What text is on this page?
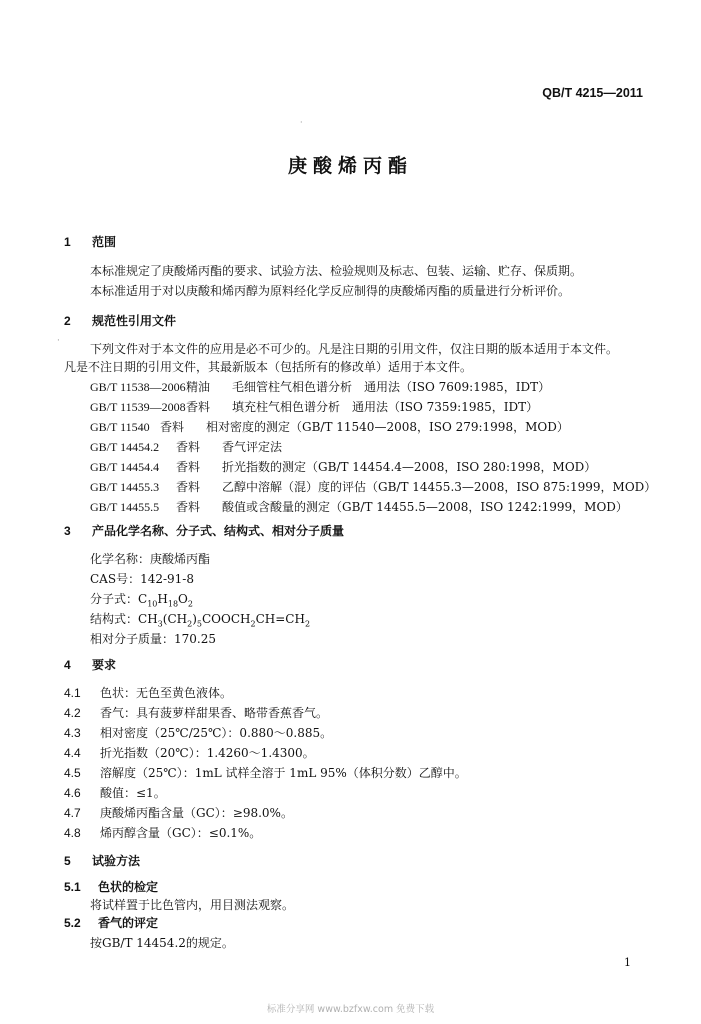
QB/T 4215—2011
·
庚酸烯丙酯
1 范围
本标准规定了庚酸烯丙酯的要求、试验方法、检验规则及标志、包装、运输、贮存、保质期。
本标准适用于对以庚酸和烯丙醇为原料经化学反应制得的庚酸烯丙酯的质量进行分析评价。
2 规范性引用文件
下列文件对于本文件的应用是必不可少的。凡是注日期的引用文件，仅注日期的版本适用于本文件。
·
凡是不注日期的引用文件，其最新版本（包括所有的修改单）适用于本文件。
GB/T 11538—2006精油 毛细管柱气相色谱分析　通用法（ISO 7609:1985，IDT）
GB/T 11539—2008香料 填充柱气相色谱分析　通用法（ISO 7359:1985，IDT）
GB/T 11540 香料 相对密度的测定（GB/T 11540—2008，ISO 279:1998，MOD）
GB/T 14454.2 香料 香气评定法
GB/T 14454.4 香料 折光指数的测定（GB/T 14454.4—2008，ISO 280:1998，MOD）
GB/T 14455.3 香料 乙醇中溶解（混）度的评估（GB/T 14455.3—2008，ISO 875:1999，MOD）
GB/T 14455.5 香料 酸值或含酸量的测定（GB/T 14455.5—2008，ISO 1242:1999，MOD）
3 产品化学名称、分子式、结构式、相对分子质量
化学名称：庚酸烯丙酯
CAS号：142-91-8
分子式：$C_{10}H_{18}O_2$
结构式：$CH_3(CH_2)_5COOCH_2CH=CH_2$
相对分子质量：170.25
4 要求
4.1 色状：无色至黄色液体。
4.2 香气：具有菠萝样甜果香、略带香蕉香气。
4.3 相对密度（25℃/25℃）：0.880～0.885。
4.4 折光指数（20℃）：1.4260～1.4300。
4.5 溶解度（25℃）：1mL 试样全溶于 1mL 95%（体积分数）乙醇中。
4.6 酸值：≤1。
4.7 庚酸烯丙酯含量（GC）：≥98.0%。
4.8 烯丙醇含量（GC）：≤0.1%。
5 试验方法
5.1 色状的检定
将试样置于比色管内，用目测法观察。
5.2 香气的评定
按GB/T 14454.2的规定。
1
标准分享网 www.bzfxw.com 免费下载
